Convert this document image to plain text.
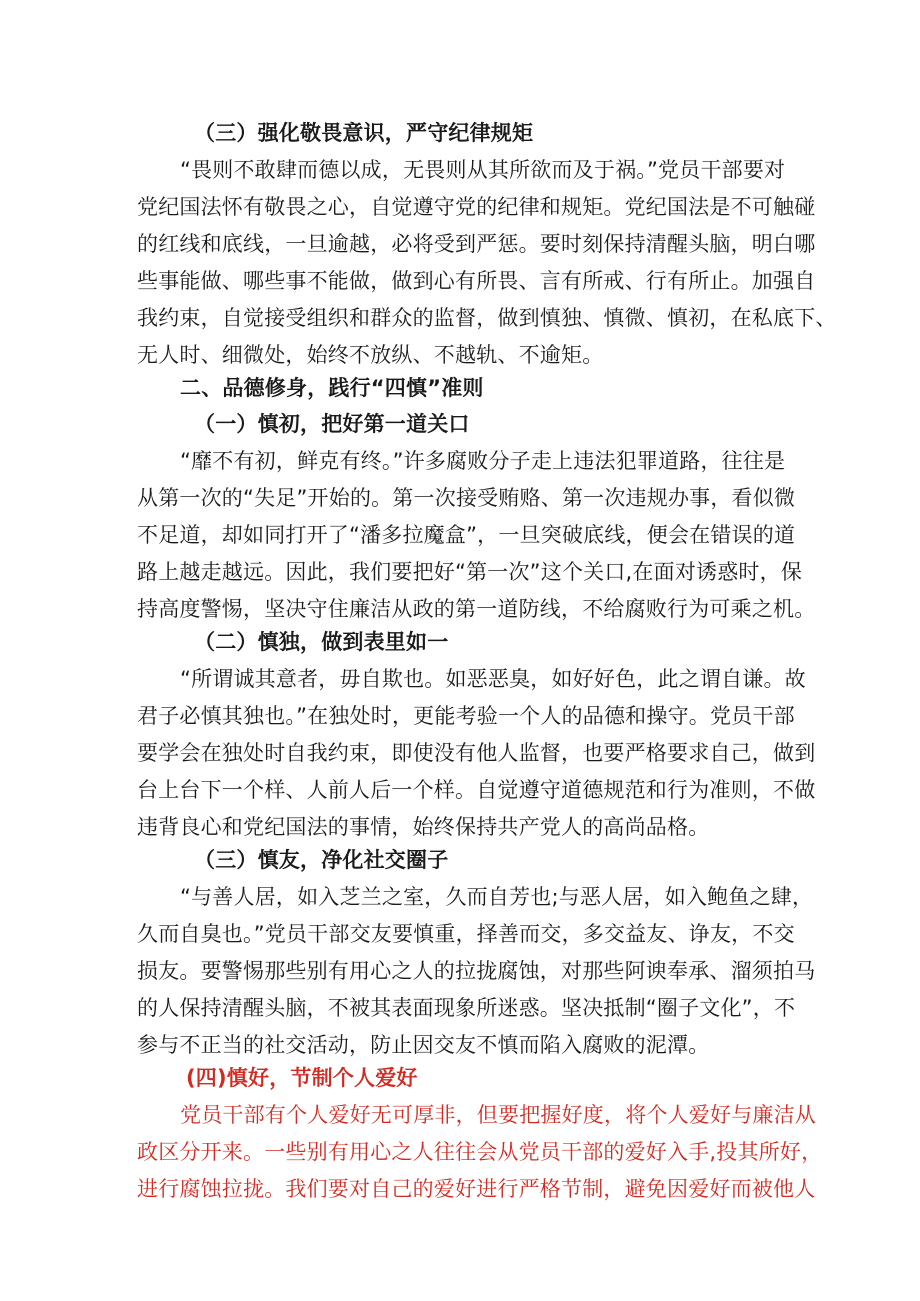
（三）强化敬畏意识，严守纪律规矩
“畏则不敢肆而德以成，无畏则从其所欲而及于祸。”党员干部要对
党纪国法怀有敬畏之心，自觉遵守党的纪律和规矩。党纪国法是不可触碰
的红线和底线，一旦逾越，必将受到严惩。要时刻保持清醒头脑，明白哪
些事能做、哪些事不能做，做到心有所畏、言有所戒、行有所止。加强自
我约束，自觉接受组织和群众的监督，做到慎独、慎微、慎初，在私底下、
无人时、细微处，始终不放纵、不越轨、不逾矩。
二、品德修身，践行“四慎”准则
（一）慎初，把好第一道关口
“靡不有初，鲜克有终。”许多腐败分子走上违法犯罪道路，往往是
从第一次的“失足”开始的。第一次接受贿赂、第一次违规办事，看似微
不足道，却如同打开了“潘多拉魔盒”，一旦突破底线，便会在错误的道
路上越走越远。因此，我们要把好“第一次”这个关口,在面对诱惑时，保
持高度警惕，坚决守住廉洁从政的第一道防线，不给腐败行为可乘之机。
（二）慎独，做到表里如一
“所谓诚其意者，毋自欺也。如恶恶臭，如好好色，此之谓自谦。故
君子必慎其独也。”在独处时，更能考验一个人的品德和操守。党员干部
要学会在独处时自我约束，即使没有他人监督，也要严格要求自己，做到
台上台下一个样、人前人后一个样。自觉遵守道德规范和行为准则，不做
违背良心和党纪国法的事情，始终保持共产党人的高尚品格。
（三）慎友，净化社交圈子
“与善人居，如入芝兰之室，久而自芳也;与恶人居，如入鲍鱼之肆，
久而自臭也。”党员干部交友要慎重，择善而交，多交益友、诤友，不交
损友。要警惕那些别有用心之人的拉拢腐蚀，对那些阿谀奉承、溜须拍马
的人保持清醒头脑，不被其表面现象所迷惑。坚决抵制“圈子文化”，不
参与不正当的社交活动，防止因交友不慎而陷入腐败的泥潭。
(四)慎好，节制个人爱好
党员干部有个人爱好无可厚非，但要把握好度，将个人爱好与廉洁从
政区分开来。一些别有用心之人往往会从党员干部的爱好入手,投其所好，
进行腐蚀拉拢。我们要对自己的爱好进行严格节制，避免因爱好而被他人
